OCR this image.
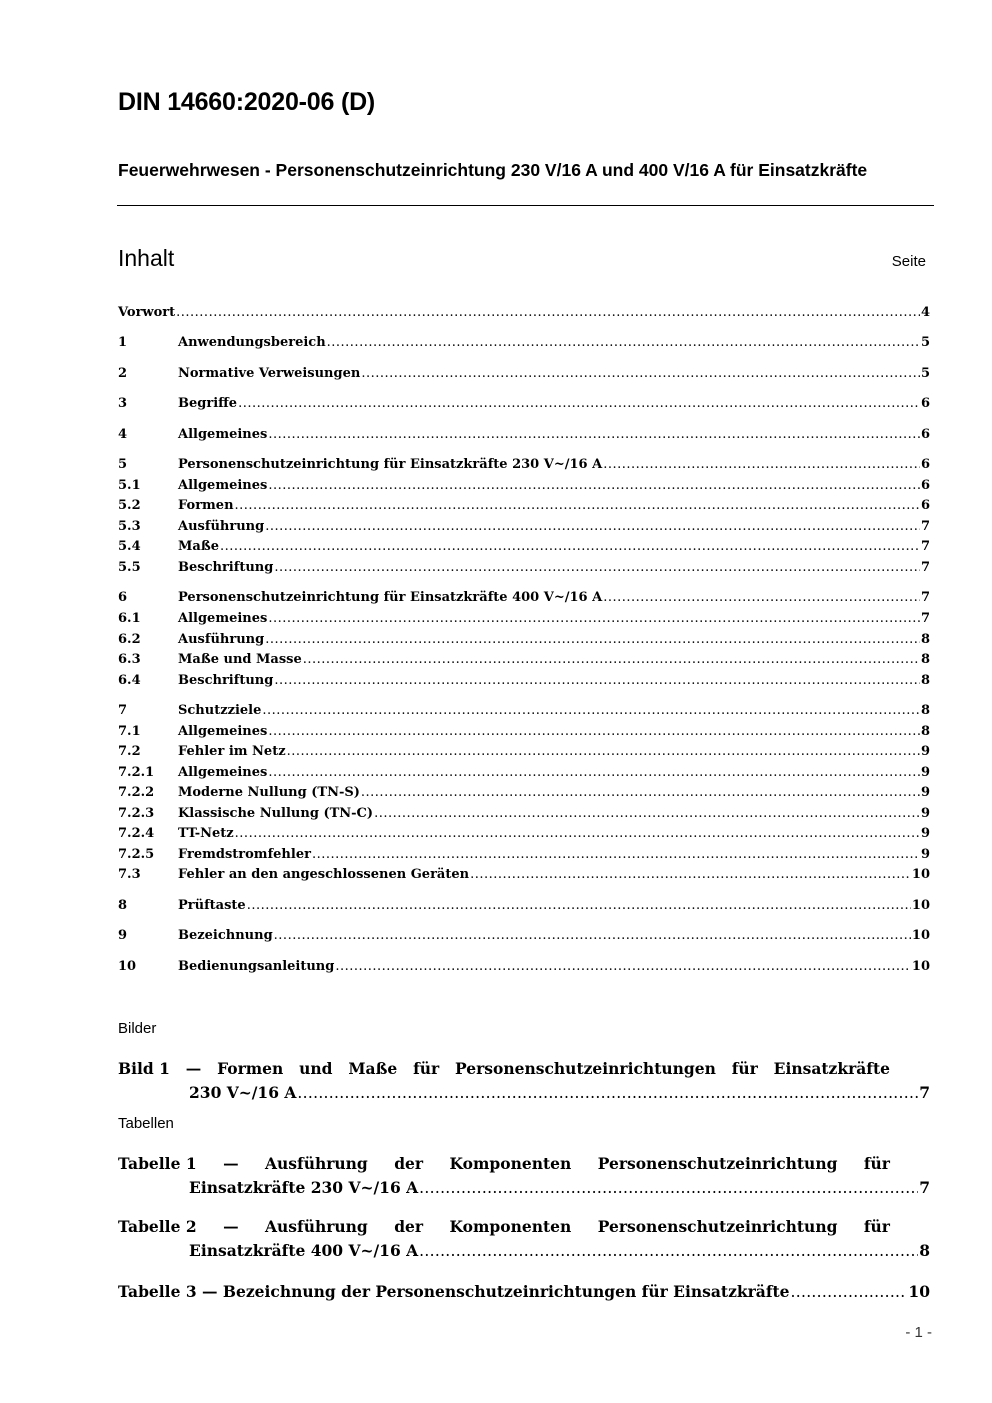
DIN 14660:2020-06 (D)
Feuerwehrwesen - Personenschutzeinrichtung 230 V/16 A und 400 V/16 A für Einsatzkräfte
Inhalt	Seite
Vorwort .....	4
1	Anwendungsbereich .....	5
2	Normative Verweisungen .....	5
3	Begriffe .....	6
4	Allgemeines .....	6
5	Personenschutzeinrichtung für Einsatzkräfte 230 V~/16 A .....	6
5.1	Allgemeines .....	6
5.2	Formen .....	6
5.3	Ausführung .....	7
5.4	Maße .....	7
5.5	Beschriftung .....	7
6	Personenschutzeinrichtung für Einsatzkräfte 400 V~/16 A .....	7
6.1	Allgemeines .....	7
6.2	Ausführung .....	8
6.3	Maße und Masse .....	8
6.4	Beschriftung .....	8
7	Schutzziele .....	8
7.1	Allgemeines .....	8
7.2	Fehler im Netz .....	9
7.2.1	Allgemeines .....	9
7.2.2	Moderne Nullung (TN-S) .....	9
7.2.3	Klassische Nullung (TN-C) .....	9
7.2.4	TT-Netz .....	9
7.2.5	Fremdstromfehler .....	9
7.3	Fehler an den angeschlossenen Geräten .....	10
8	Prüftaste .....	10
9	Bezeichnung .....	10
10	Bedienungsanleitung .....	10
Bilder
Bild 1 — Formen und Maße für Personenschutzeinrichtungen für Einsatzkräfte
230 V~/16 A .....	7
Tabellen
Tabelle 1 — Ausführung der Komponenten Personenschutzeinrichtung für
Einsatzkräfte 230 V~/16 A .....	7
Tabelle 2 — Ausführung der Komponenten Personenschutzeinrichtung für
Einsatzkräfte 400 V~/16 A .....	8
Tabelle 3 — Bezeichnung der Personenschutzeinrichtungen für Einsatzkräfte .....	10
- 1 -
